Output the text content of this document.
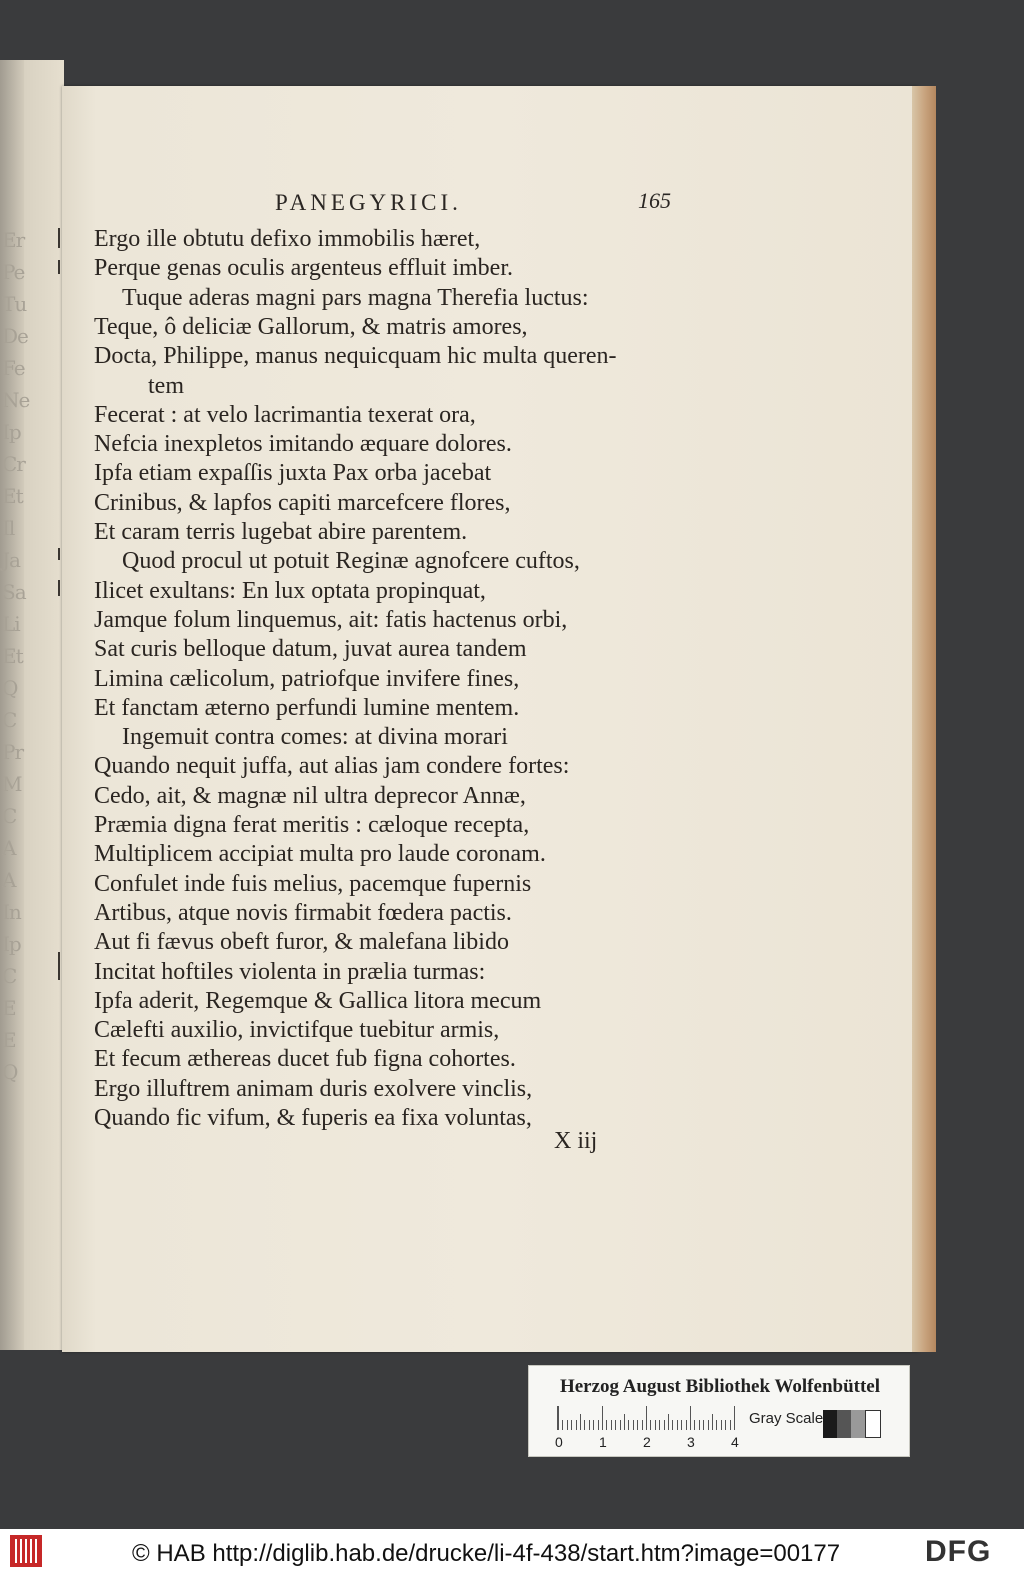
Er
Pe
Tu
De
Fe
Ne
Ip
Cr
Et
Il
Ja
Sa
Li
Et
Q
C
Pr
M
C
A
A
In
Ip
C
E
E
Q
PANEGYRICI.	165
Ergo ille obtutu defixo immobilis hæret,
Perque genas oculis argenteus effluit imber.
Tuque aderas magni pars magna Therefia luctus:
Teque, ô deliciæ Gallorum, & matris amores,
Docta, Philippe, manus nequicquam hic multa queren-
tem
Fecerat : at velo lacrimantia texerat ora,
Nefcia inexpletos imitando æquare dolores.
Ipfa etiam expaſſis juxta Pax orba jacebat
Crinibus, & lapfos capiti marcefcere flores,
Et caram terris lugebat abire parentem.
Quod procul ut potuit Reginæ agnofcere cuftos,
Ilicet exultans: En lux optata propinquat,
Jamque folum linquemus, ait: fatis hactenus orbi,
Sat curis belloque datum, juvat aurea tandem
Limina cælicolum, patriofque invifere fines,
Et fanctam æterno perfundi lumine mentem.
Ingemuit contra comes: at divina morari
Quando nequit juffa, aut alias jam condere fortes:
Cedo, ait, & magnæ nil ultra deprecor Annæ,
Præmia digna ferat meritis : cæloque recepta,
Multiplicem accipiat multa pro laude coronam.
Confulet inde fuis melius, pacemque fupernis
Artibus, atque novis firmabit fœdera pactis.
Aut fi fævus obeft furor, & malefana libido
Incitat hoftiles violenta in prælia turmas:
Ipfa aderit, Regemque & Gallica litora mecum
Cælefti auxilio, invictifque tuebitur armis,
Et fecum æthereas ducet fub figna cohortes.
Ergo illuftrem animam duris exolvere vinclis,
Quando fic vifum, & fuperis ea fixa voluntas,
X iij
Herzog August Bibliothek Wolfenbüttel
0	1	2	3	4
Gray Scale
© HAB http://diglib.hab.de/drucke/li-4f-438/start.htm?image=00177	DFG
